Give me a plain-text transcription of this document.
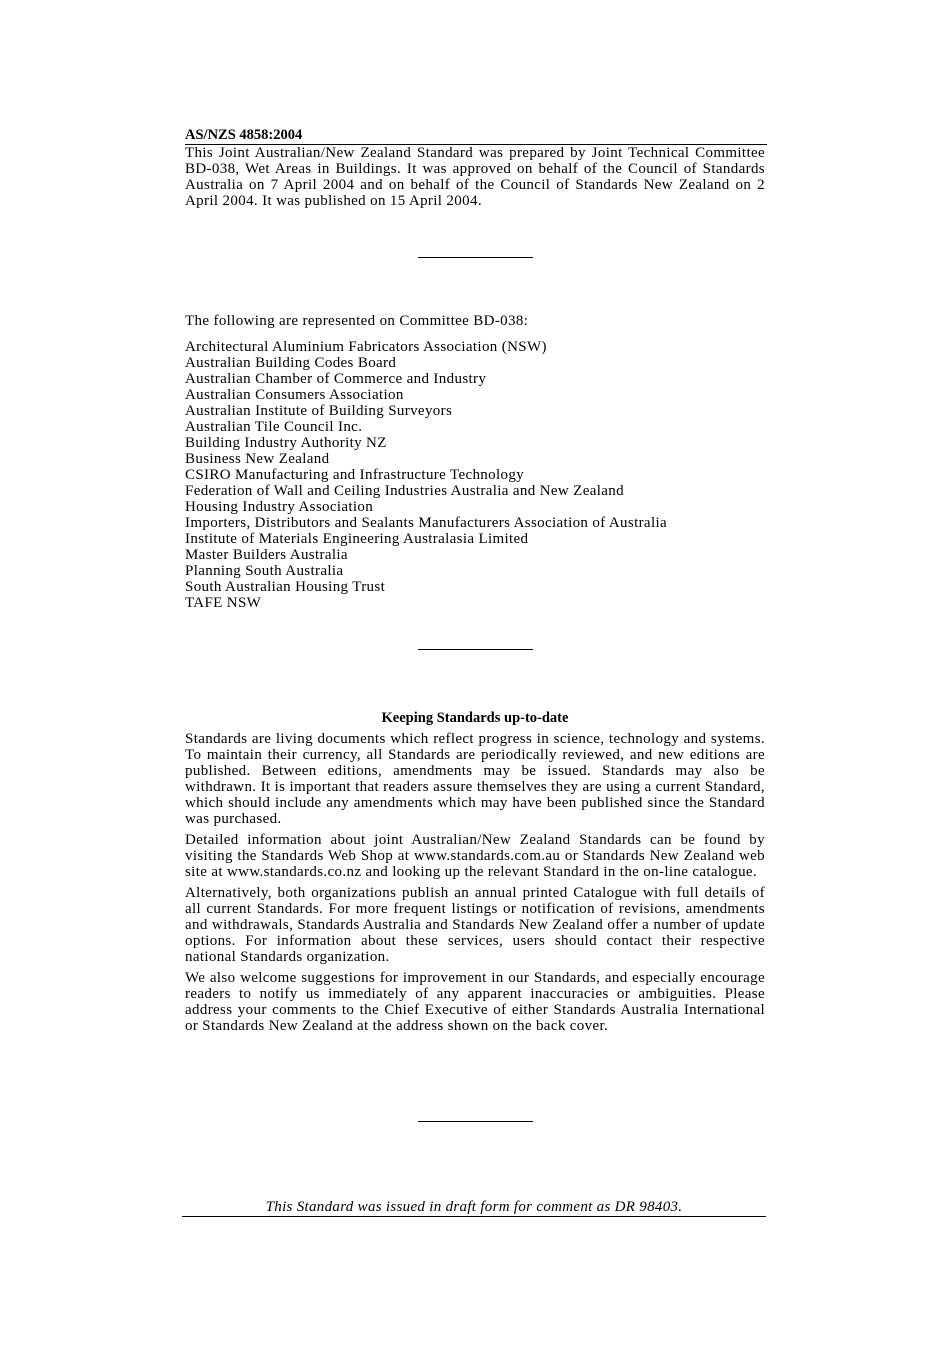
AS/NZS 4858:2004

This Joint Australian/New Zealand Standard was prepared by Joint Technical Committee BD-038, Wet Areas in Buildings. It was approved on behalf of the Council of Standards Australia on 7 April 2004 and on behalf of the Council of Standards New Zealand on 2 April 2004. It was published on 15 April 2004.

The following are represented on Committee BD-038:

Architectural Aluminium Fabricators Association (NSW)
Australian Building Codes Board
Australian Chamber of Commerce and Industry
Australian Consumers Association
Australian Institute of Building Surveyors
Australian Tile Council Inc.
Building Industry Authority NZ
Business New Zealand
CSIRO Manufacturing and Infrastructure Technology
Federation of Wall and Ceiling Industries Australia and New Zealand
Housing Industry Association
Importers, Distributors and Sealants Manufacturers Association of Australia
Institute of Materials Engineering Australasia Limited
Master Builders Australia
Planning South Australia
South Australian Housing Trust
TAFE NSW
Keeping Standards up-to-date

Standards are living documents which reflect progress in science, technology and systems. To maintain their currency, all Standards are periodically reviewed, and new editions are published. Between editions, amendments may be issued. Standards may also be withdrawn. It is important that readers assure themselves they are using a current Standard, which should include any amendments which may have been published since the Standard was purchased.

Detailed information about joint Australian/New Zealand Standards can be found by visiting the Standards Web Shop at www.standards.com.au or Standards New Zealand web site at www.standards.co.nz and looking up the relevant Standard in the on-line catalogue.

Alternatively, both organizations publish an annual printed Catalogue with full details of all current Standards. For more frequent listings or notification of revisions, amendments and withdrawals, Standards Australia and Standards New Zealand offer a number of update options. For information about these services, users should contact their respective national Standards organization.

We also welcome suggestions for improvement in our Standards, and especially encourage readers to notify us immediately of any apparent inaccuracies or ambiguities. Please address your comments to the Chief Executive of either Standards Australia International or Standards New Zealand at the address shown on the back cover.

This Standard was issued in draft form for comment as DR 98403.
